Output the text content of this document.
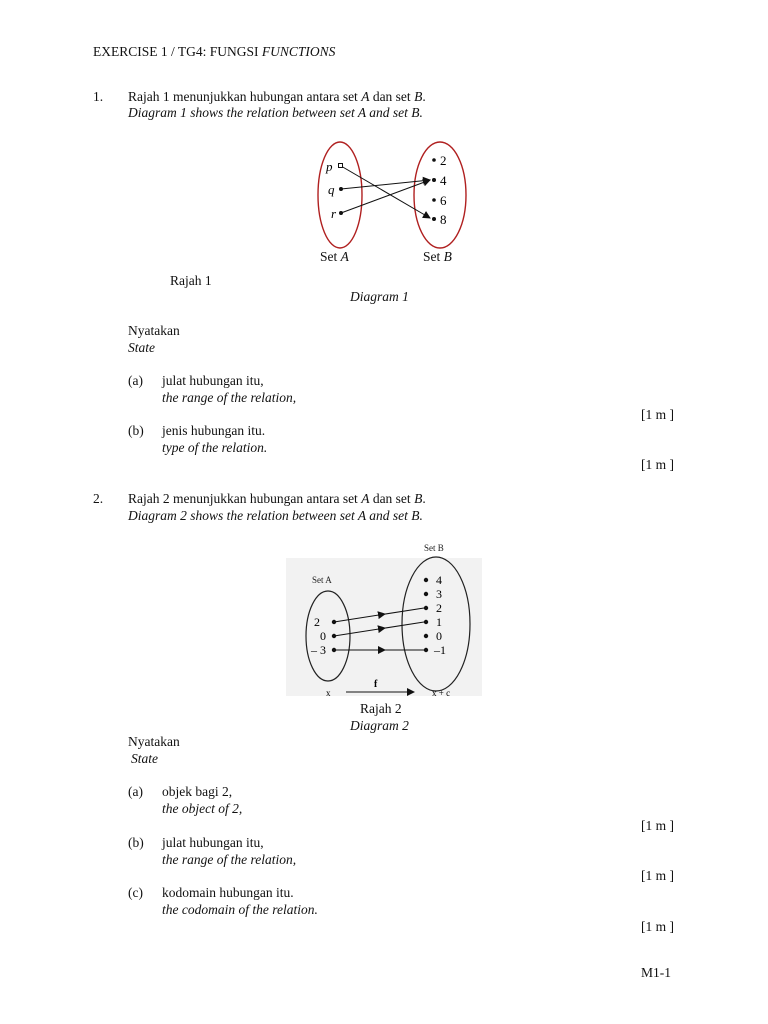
EXERCISE 1 / TG4: FUNGSI FUNCTIONS
1. Rajah 1 menunjukkan hubungan antara set A dan set B.
Diagram 1 shows the relation between set A and set B.
p
q
r
2
4
6
8
Set A	Set B
Rajah 1
Diagram 1
Nyatakan
State
(a) julat hubungan itu,
the range of the relation,
[1 m ]
(b) jenis hubungan itu.
type of the relation.
[1 m ]
2. Rajah 2 menunjukkan hubungan antara set A dan set B.
Diagram 2 shows the relation between set A and set B.
Set B
Set A
2
0
– 3
4
3
2
1
0
–1
x
f
x + c
Rajah 2
Diagram 2
Nyatakan
State
(a) objek bagi 2,
the object of 2,
[1 m ]
(b) julat hubungan itu,
the range of the relation,
[1 m ]
(c) kodomain hubungan itu.
the codomain of the relation.
[1 m ]
M1-1
